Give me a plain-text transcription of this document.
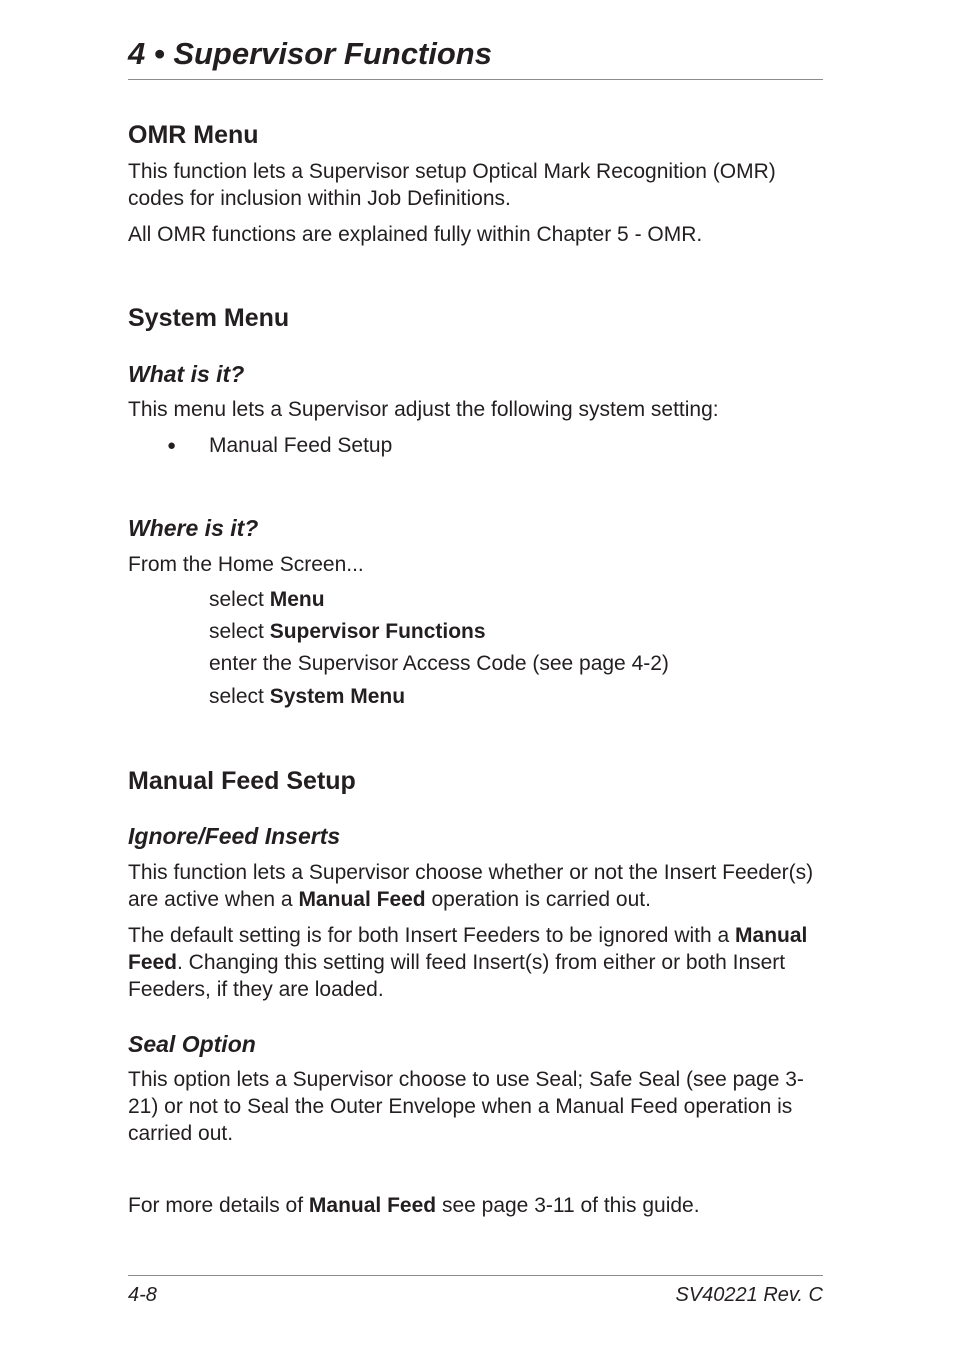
4 • Supervisor Functions
OMR Menu
This function lets a Supervisor setup Optical Mark Recognition (OMR) codes for inclusion within Job Definitions.
All OMR functions are explained fully within Chapter 5 - OMR.
System Menu
What is it?
This menu lets a Supervisor adjust the following system setting:
● Manual Feed Setup
Where is it?
From the Home Screen...
select Menu
select Supervisor Functions
enter the Supervisor Access Code (see page 4-2)
select System Menu
Manual Feed Setup
Ignore/Feed Inserts
This function lets a Supervisor choose whether or not the Insert Feeder(s) are active when a Manual Feed operation is carried out.
The default setting is for both Insert Feeders to be ignored with a Manual Feed. Changing this setting will feed Insert(s) from either or both Insert Feeders, if they are loaded.
Seal Option
This option lets a Supervisor choose to use Seal; Safe Seal (see page 3-21) or not to Seal the Outer Envelope when a Manual Feed operation is carried out.
For more details of Manual Feed see page 3-11 of this guide.
4-8	SV40221 Rev. C
